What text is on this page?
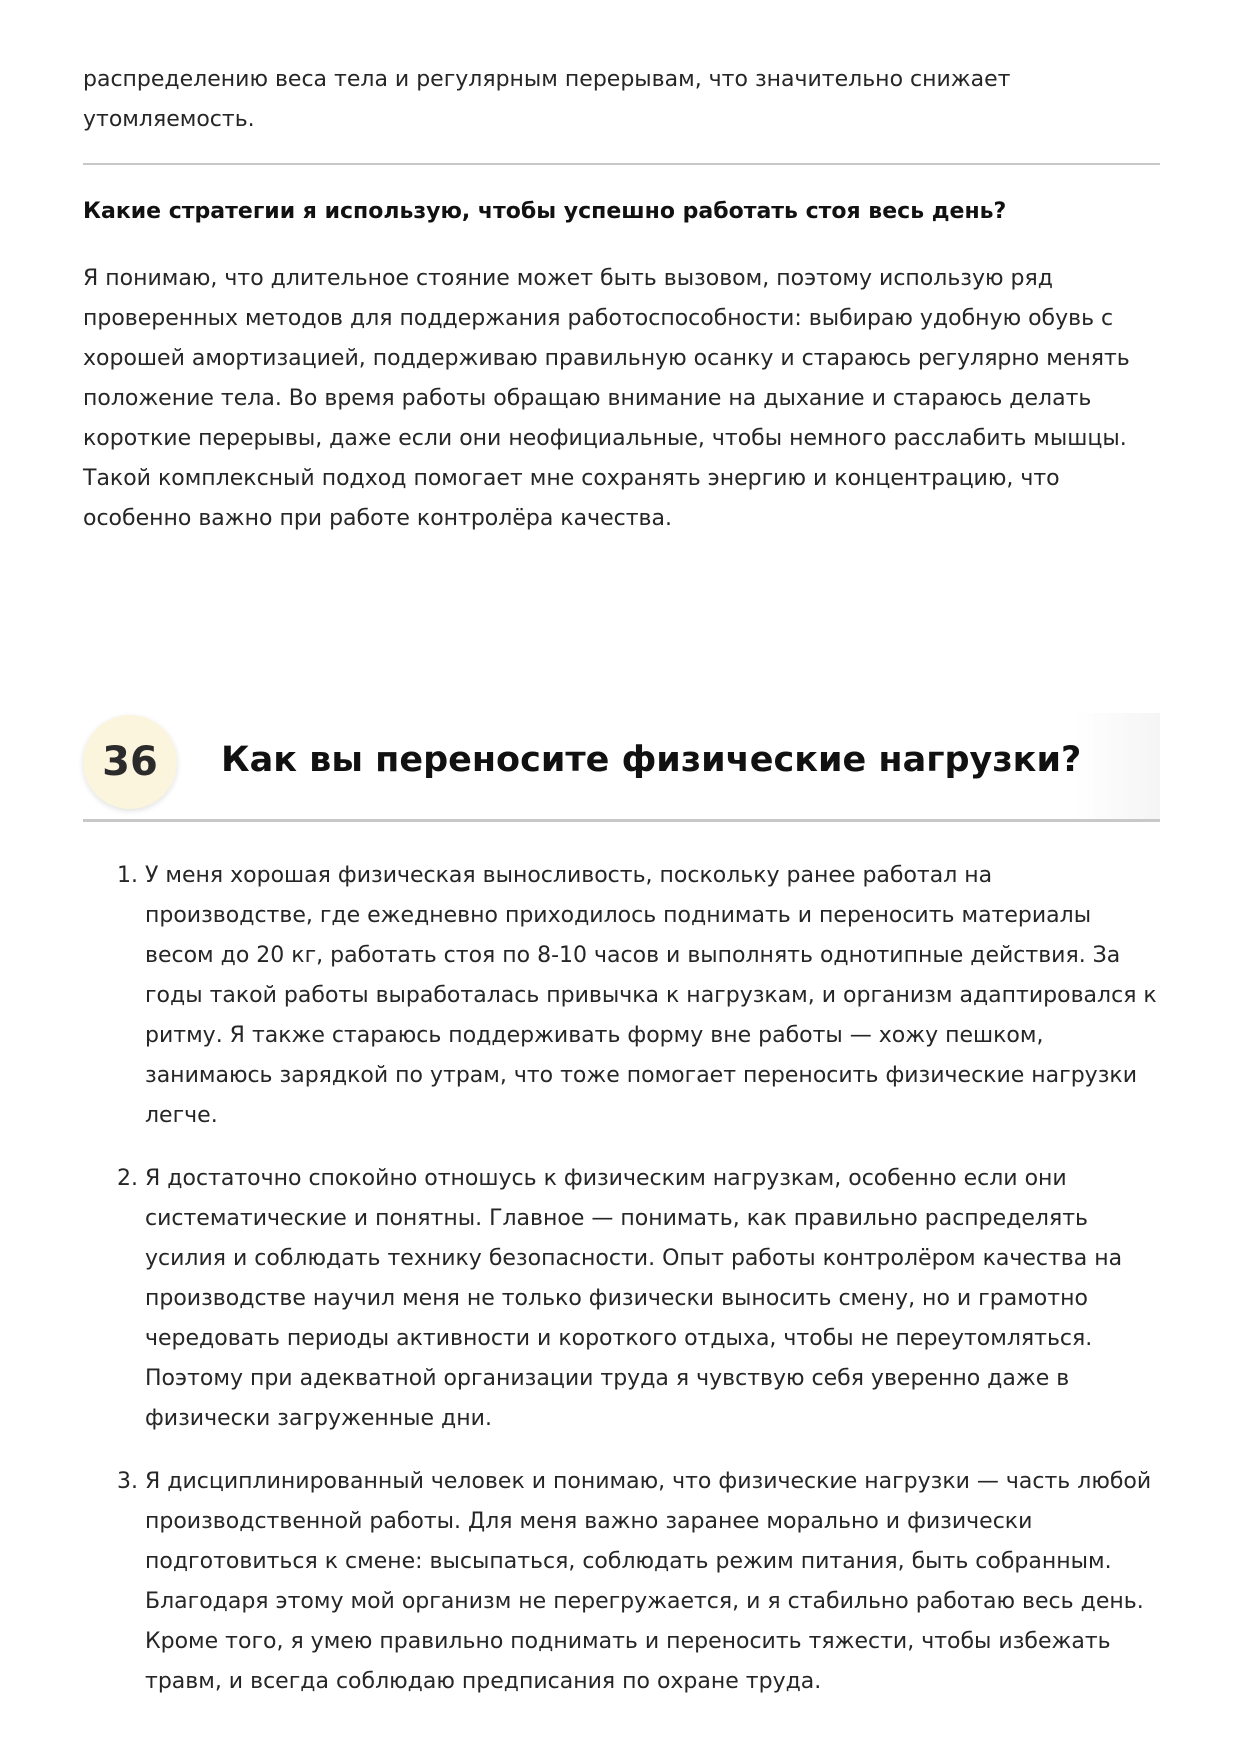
распределению веса тела и регулярным перерывам, что значительно снижает утомляемость.

Какие стратегии я использую, чтобы успешно работать стоя весь день?

Я понимаю, что длительное стояние может быть вызовом, поэтому использую ряд проверенных методов для поддержания работоспособности: выбираю удобную обувь с хорошей амортизацией, поддерживаю правильную осанку и стараюсь регулярно менять положение тела. Во время работы обращаю внимание на дыхание и стараюсь делать короткие перерывы, даже если они неофициальные, чтобы немного расслабить мышцы. Такой комплексный подход помогает мне сохранять энергию и концентрацию, что особенно важно при работе контролёра качества.

36	Как вы переносите физические нагрузки?
1. У меня хорошая физическая выносливость, поскольку ранее работал на производстве, где ежедневно приходилось поднимать и переносить материалы весом до 20 кг, работать стоя по 8-10 часов и выполнять однотипные действия. За годы такой работы выработалась привычка к нагрузкам, и организм адаптировался к ритму. Я также стараюсь поддерживать форму вне работы — хожу пешком, занимаюсь зарядкой по утрам, что тоже помогает переносить физические нагрузки легче.
2. Я достаточно спокойно отношусь к физическим нагрузкам, особенно если они систематические и понятны. Главное — понимать, как правильно распределять усилия и соблюдать технику безопасности. Опыт работы контролёром качества на производстве научил меня не только физически выносить смену, но и грамотно чередовать периоды активности и короткого отдыха, чтобы не переутомляться. Поэтому при адекватной организации труда я чувствую себя уверенно даже в физически загруженные дни.
3. Я дисциплинированный человек и понимаю, что физические нагрузки — часть любой производственной работы. Для меня важно заранее морально и физически подготовиться к смене: высыпаться, соблюдать режим питания, быть собранным. Благодаря этому мой организм не перегружается, и я стабильно работаю весь день. Кроме того, я умею правильно поднимать и переносить тяжести, чтобы избежать травм, и всегда соблюдаю предписания по охране труда.
